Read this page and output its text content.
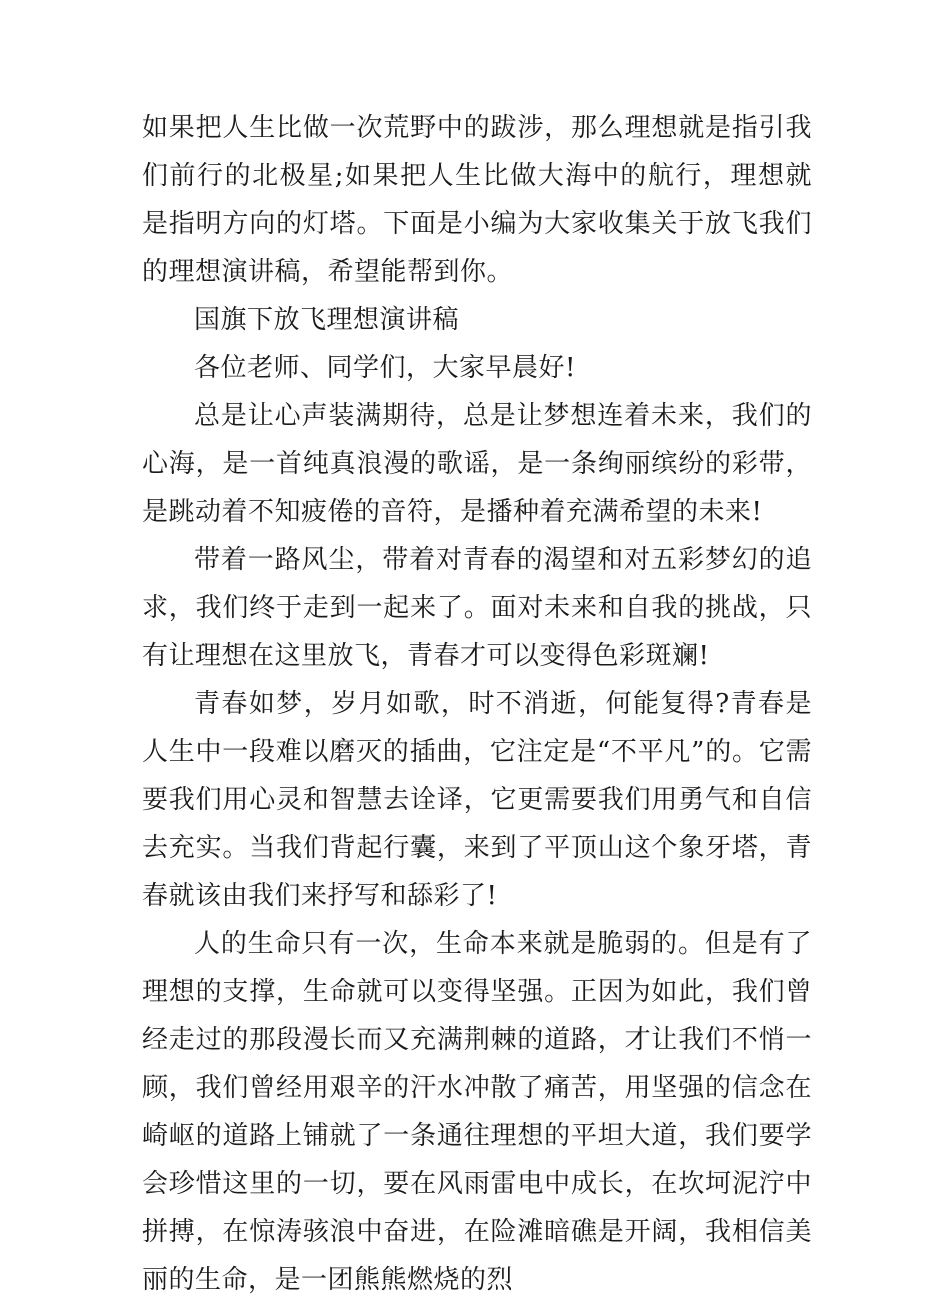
如果把人生比做一次荒野中的跋涉，那么理想就是指引我们前行的北极星;如果把人生比做大海中的航行，理想就是指明方向的灯塔。下面是小编为大家收集关于放飞我们的理想演讲稿，希望能帮到你。

国旗下放飞理想演讲稿

各位老师、同学们，大家早晨好!

总是让心声装满期待，总是让梦想连着未来，我们的心海，是一首纯真浪漫的歌谣，是一条绚丽缤纷的彩带，是跳动着不知疲倦的音符，是播种着充满希望的未来!

带着一路风尘，带着对青春的渴望和对五彩梦幻的追求，我们终于走到一起来了。面对未来和自我的挑战，只有让理想在这里放飞，青春才可以变得色彩斑斓!

青春如梦，岁月如歌，时不消逝，何能复得?青春是人生中一段难以磨灭的插曲，它注定是“不平凡”的。它需要我们用心灵和智慧去诠译，它更需要我们用勇气和自信去充实。当我们背起行囊，来到了平顶山这个象牙塔，青春就该由我们来抒写和舔彩了!

人的生命只有一次，生命本来就是脆弱的。但是有了理想的支撑，生命就可以变得坚强。正因为如此，我们曾经走过的那段漫长而又充满荆棘的道路，才让我们不悄一顾，我们曾经用艰辛的汗水冲散了痛苦，用坚强的信念在崎岖的道路上铺就了一条通往理想的平坦大道，我们要学会珍惜这里的一切，要在风雨雷电中成长，在坎坷泥泞中拼搏，在惊涛骇浪中奋进，在险滩暗礁是开阔，我相信美丽的生命，是一团熊熊燃烧的烈
